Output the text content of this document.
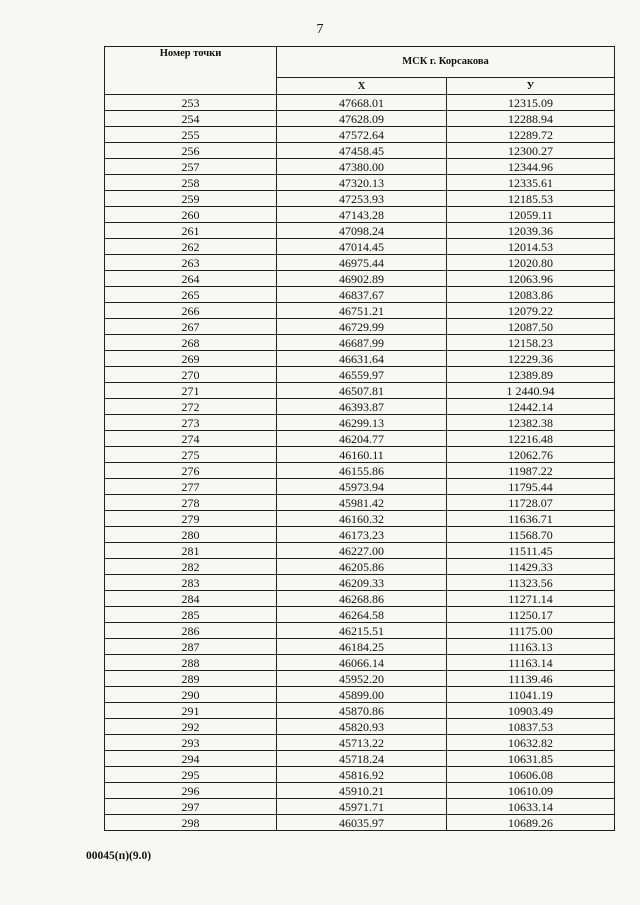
7
Номер точки	МСК г. Корсакова	
	Х	У
253	47668.01	12315.09
254	47628.09	12288.94
255	47572.64	12289.72
256	47458.45	12300.27
257	47380.00	12344.96
258	47320.13	12335.61
259	47253.93	12185.53
260	47143.28	12059.11
261	47098.24	12039.36
262	47014.45	12014.53
263	46975.44	12020.80
264	46902.89	12063.96
265	46837.67	12083.86
266	46751.21	12079.22
267	46729.99	12087.50
268	46687.99	12158.23
269	46631.64	12229.36
270	46559.97	12389.89
271	46507.81	1 2440.94
272	46393.87	12442.14
273	46299.13	12382.38
274	46204.77	12216.48
275	46160.11	12062.76
276	46155.86	11987.22
277	45973.94	11795.44
278	45981.42	11728.07
279	46160.32	11636.71
280	46173.23	11568.70
281	46227.00	11511.45
282	46205.86	11429.33
283	46209.33	11323.56
284	46268.86	11271.14
285	46264.58	11250.17
286	46215.51	11175.00
287	46184.25	11163.13
288	46066.14	11163.14
289	45952.20	11139.46
290	45899.00	11041.19
291	45870.86	10903.49
292	45820.93	10837.53
293	45713.22	10632.82
294	45718.24	10631.85
295	45816.92	10606.08
296	45910.21	10610.09
297	45971.71	10633.14
298	46035.97	10689.26
00045(п)(9.0)
